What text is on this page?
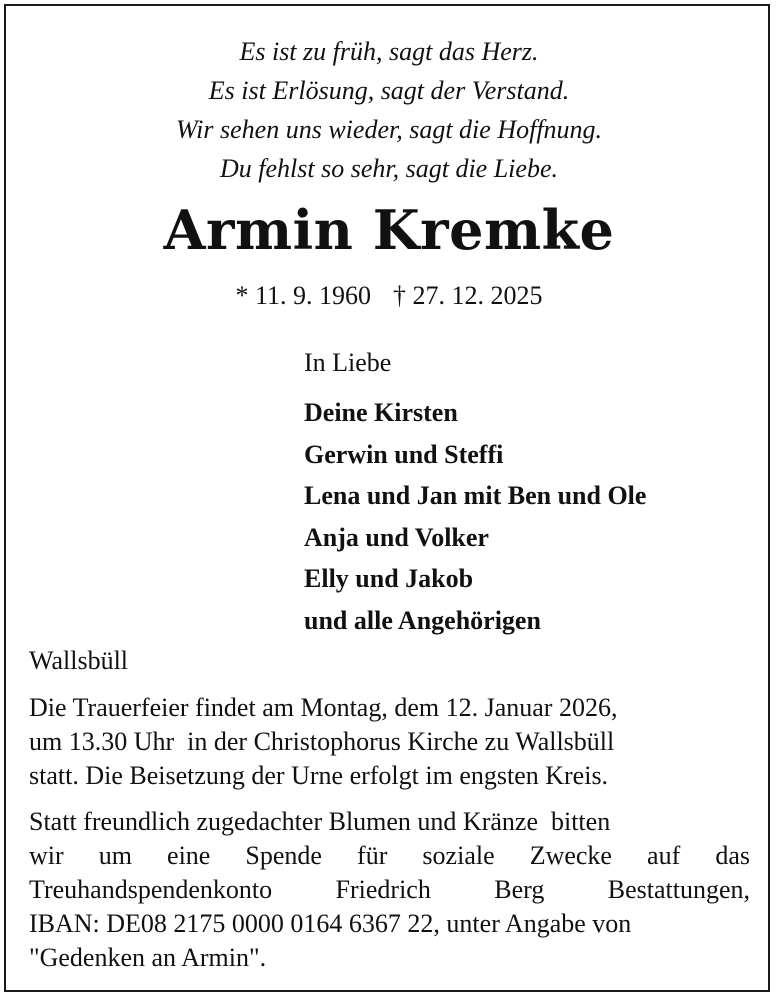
Es ist zu früh, sagt das Herz.
Es ist Erlösung, sagt der Verstand.
Wir sehen uns wieder, sagt die Hoffnung.
Du fehlst so sehr, sagt die Liebe.
Armin Kremke
* 11. 9. 1960 † 27. 12. 2025
In Liebe
Deine Kirsten
Gerwin und Steffi
Lena und Jan mit Ben und Ole
Anja und Volker
Elly und Jakob
und alle Angehörigen
Wallsbüll
Die Trauerfeier findet am Montag, dem 12. Januar 2026,
um 13.30 Uhr  in der Christophorus Kirche zu Wallsbüll
statt. Die Beisetzung der Urne erfolgt im engsten Kreis.
Statt freundlich zugedachter Blumen und Kränze  bitten
wir um eine Spende für soziale Zwecke auf das
Treuhandspendenkonto Friedrich Berg Bestattungen,
IBAN: DE08 2175 0000 0164 6367 22, unter Angabe von
"Gedenken an Armin".
